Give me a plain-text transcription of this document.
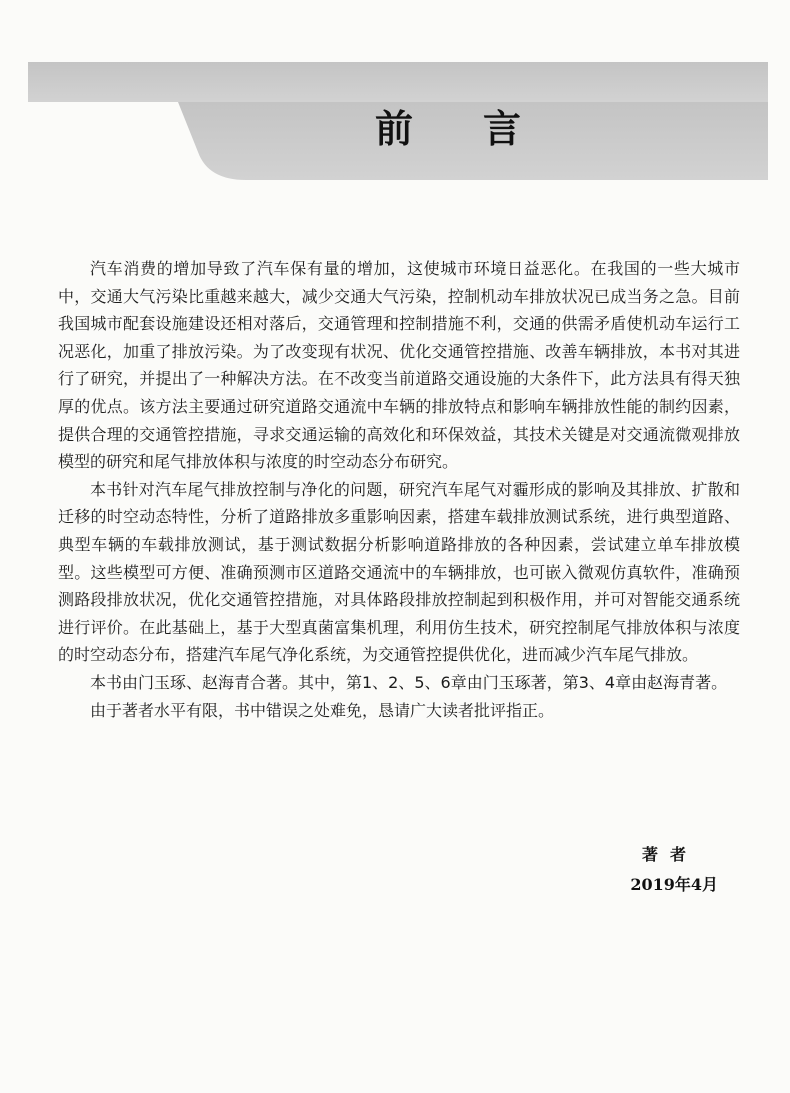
前言

汽车消费的增加导致了汽车保有量的增加，这使城市环境日益恶化。在我国的一些大城市中，交通大气污染比重越来越大，减少交通大气污染，控制机动车排放状况已成当务之急。目前我国城市配套设施建设还相对落后，交通管理和控制措施不利，交通的供需矛盾使机动车运行工况恶化，加重了排放污染。为了改变现有状况、优化交通管控措施、改善车辆排放，本书对其进行了研究，并提出了一种解决方法。在不改变当前道路交通设施的大条件下，此方法具有得天独厚的优点。该方法主要通过研究道路交通流中车辆的排放特点和影响车辆排放性能的制约因素，提供合理的交通管控措施，寻求交通运输的高效化和环保效益，其技术关键是对交通流微观排放模型的研究和尾气排放体积与浓度的时空动态分布研究。

本书针对汽车尾气排放控制与净化的问题，研究汽车尾气对霾形成的影响及其排放、扩散和迁移的时空动态特性，分析了道路排放多重影响因素，搭建车载排放测试系统，进行典型道路、典型车辆的车载排放测试，基于测试数据分析影响道路排放的各种因素，尝试建立单车排放模型。这些模型可方便、准确预测市区道路交通流中的车辆排放，也可嵌入微观仿真软件，准确预测路段排放状况，优化交通管控措施，对具体路段排放控制起到积极作用，并可对智能交通系统进行评价。在此基础上，基于大型真菌富集机理，利用仿生技术，研究控制尾气排放体积与浓度的时空动态分布，搭建汽车尾气净化系统，为交通管控提供优化，进而减少汽车尾气排放。

本书由门玉琢、赵海青合著。其中，第1、2、5、6章由门玉琢著，第3、4章由赵海青著。

由于著者水平有限，书中错误之处难免，恳请广大读者批评指正。

著者
2019年4月
